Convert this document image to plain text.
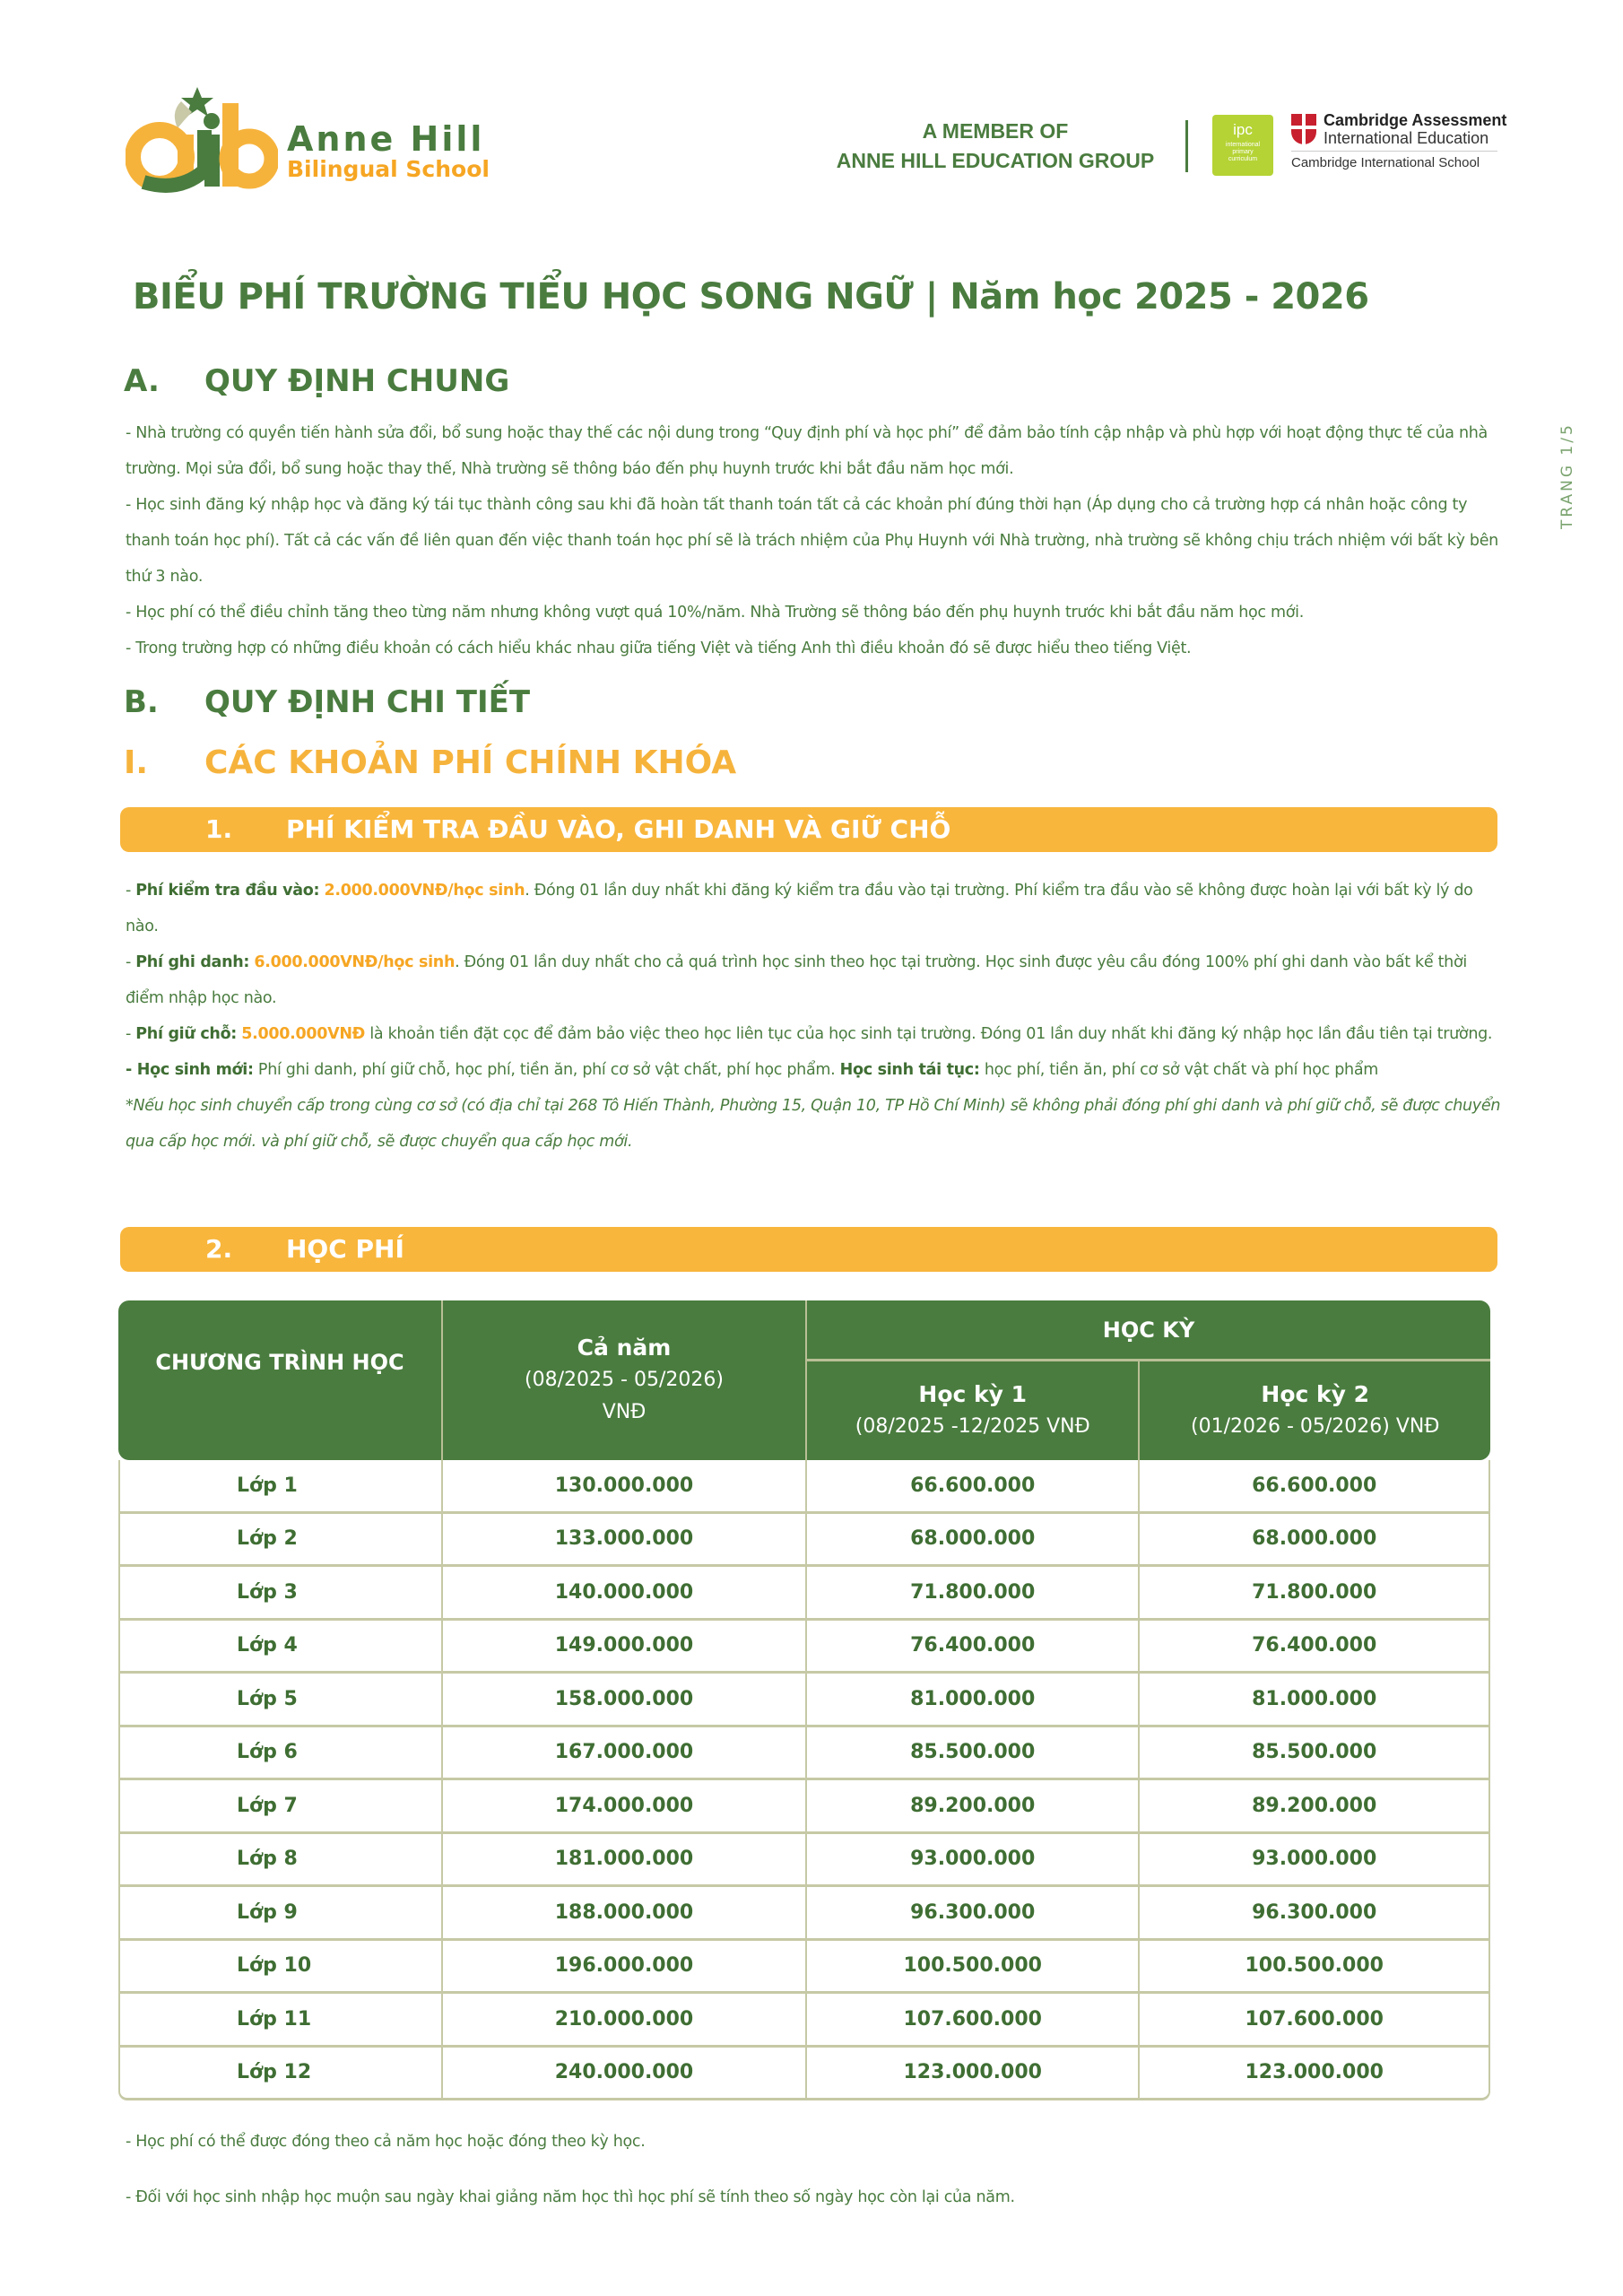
Anne Hill
Bilingual School
A MEMBER OF
ANNE HILL EDUCATION GROUP
ipc
international
primary
curriculum
Cambridge Assessment
International Education
Cambridge International School
TRANG 1/5
BIỂU PHÍ TRƯỜNG TIỂU HỌC SONG NGỮ | Năm học 2025 - 2026
A. QUY ĐỊNH CHUNG

- Nhà trường có quyền tiến hành sửa đổi, bổ sung hoặc thay thế các nội dung trong “Quy định phí và học phí” để đảm bảo tính cập nhập và phù hợp với hoạt động thực tế của nhà trường. Mọi sửa đổi, bổ sung hoặc thay thế, Nhà trường sẽ thông báo đến phụ huynh trước khi bắt đầu năm học mới.

- Học sinh đăng ký nhập học và đăng ký tái tục thành công sau khi đã hoàn tất thanh toán tất cả các khoản phí đúng thời hạn (Áp dụng cho cả trường hợp cá nhân hoặc công ty thanh toán học phí). Tất cả các vấn đề liên quan đến việc thanh toán học phí sẽ là trách nhiệm của Phụ Huynh với Nhà trường, nhà trường sẽ không chịu trách nhiệm với bất kỳ bên thứ 3 nào.

- Học phí có thể điều chỉnh tăng theo từng năm nhưng không vượt quá 10%/năm. Nhà Trường sẽ thông báo đến phụ huynh trước khi bắt đầu năm học mới.

- Trong trường hợp có những điều khoản có cách hiểu khác nhau giữa tiếng Việt và tiếng Anh thì điều khoản đó sẽ được hiểu theo tiếng Việt.

B. QUY ĐỊNH CHI TIẾT
I. CÁC KHOẢN PHÍ CHÍNH KHÓA
1. PHÍ KIỂM TRA ĐẦU VÀO, GHI DANH VÀ GIỮ CHỖ

- Phí kiểm tra đầu vào: 2.000.000VNĐ/học sinh. Đóng 01 lần duy nhất khi đăng ký kiểm tra đầu vào tại trường. Phí kiểm tra đầu vào sẽ không được hoàn lại với bất kỳ lý do nào.

- Phí ghi danh: 6.000.000VNĐ/học sinh. Đóng 01 lần duy nhất cho cả quá trình học sinh theo học tại trường. Học sinh được yêu cầu đóng 100% phí ghi danh vào bất kể thời điểm nhập học nào.

- Phí giữ chỗ: 5.000.000VNĐ là khoản tiền đặt cọc để đảm bảo việc theo học liên tục của học sinh tại trường. Đóng 01 lần duy nhất khi đăng ký nhập học lần đầu tiên tại trường.

- Học sinh mới: Phí ghi danh, phí giữ chỗ, học phí, tiền ăn, phí cơ sở vật chất, phí học phẩm. Học sinh tái tục: học phí, tiền ăn, phí cơ sở vật chất và phí học phẩm

*Nếu học sinh chuyển cấp trong cùng cơ sở (có địa chỉ tại 268 Tô Hiến Thành, Phường 15, Quận 10, TP Hồ Chí Minh) sẽ không phải đóng phí ghi danh và phí giữ chỗ, sẽ được chuyển qua cấp học mới. và phí giữ chỗ, sẽ được chuyển qua cấp học mới.

2. HỌC PHÍ
CHƯƠNG TRÌNH HỌC	Cả năm
(08/2025 - 05/2026)
VNĐ	HỌC KỲ	

		Học kỳ 1
(08/2025 -12/2025 VNĐ	Học kỳ 2
(01/2026 - 05/2026) VNĐ

Lớp 1	130.000.000	66.600.000	66.600.000
Lớp 2	133.000.000	68.000.000	68.000.000
Lớp 3	140.000.000	71.800.000	71.800.000
Lớp 4	149.000.000	76.400.000	76.400.000
Lớp 5	158.000.000	81.000.000	81.000.000
Lớp 6	167.000.000	85.500.000	85.500.000
Lớp 7	174.000.000	89.200.000	89.200.000
Lớp 8	181.000.000	93.000.000	93.000.000
Lớp 9	188.000.000	96.300.000	96.300.000
Lớp 10	196.000.000	100.500.000	100.500.000
Lớp 11	210.000.000	107.600.000	107.600.000
Lớp 12	240.000.000	123.000.000	123.000.000

- Học phí có thể được đóng theo cả năm học hoặc đóng theo kỳ học.

- Đối với học sinh nhập học muộn sau ngày khai giảng năm học thì học phí sẽ tính theo số ngày học còn lại của năm.
